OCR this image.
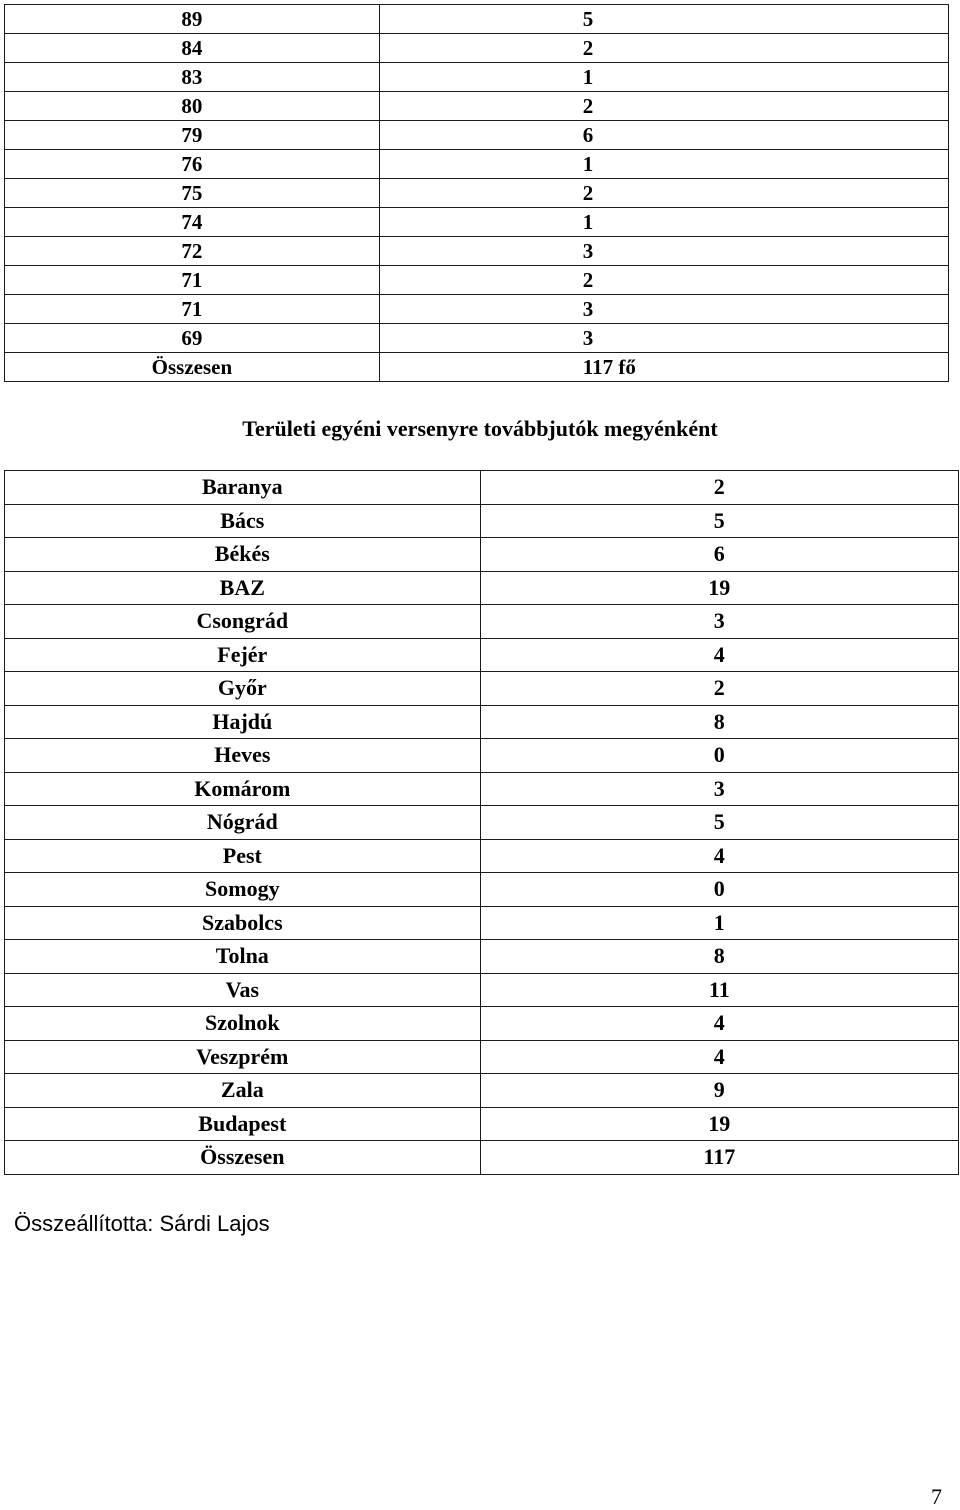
89	5
84	2
83	1
80	2
79	6
76	1
75	2
74	1
72	3
71	2
71	3
69	3
Összesen	117 fő
Területi egyéni versenyre továbbjutók megyénként
Baranya	2
Bács	5
Békés	6
BAZ	19
Csongrád	3
Fejér	4
Győr	2
Hajdú	8
Heves	0
Komárom	3
Nógrád	5
Pest	4
Somogy	0
Szabolcs	1
Tolna	8
Vas	11
Szolnok	4
Veszprém	4
Zala	9
Budapest	19
Összesen	117
Összeállította: Sárdi Lajos
7
